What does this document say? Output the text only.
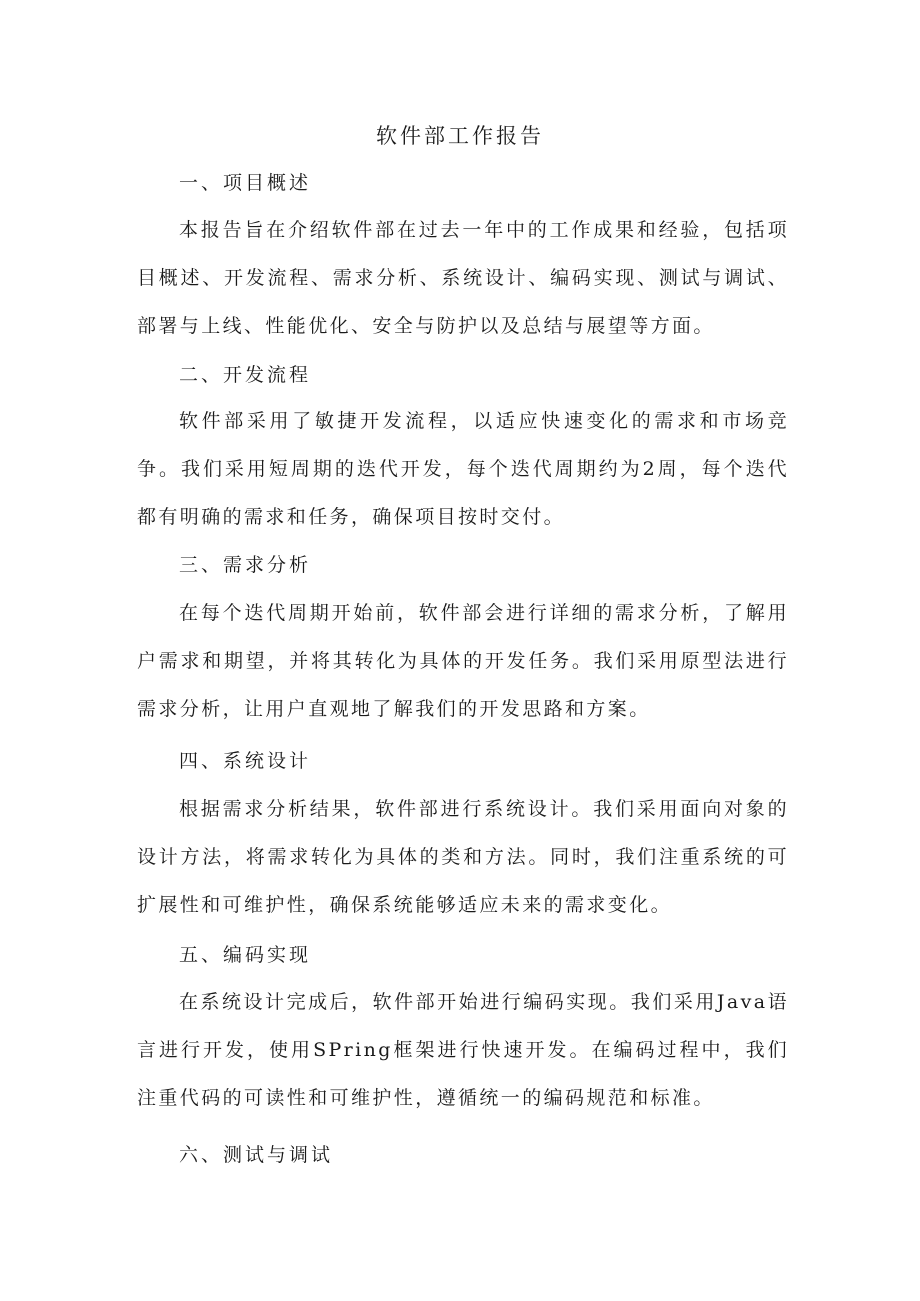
软件部工作报告
一、项目概述

本报告旨在介绍软件部在过去一年中的工作成果和经验，包括项目概述、开发流程、需求分析、系统设计、编码实现、测试与调试、部署与上线、性能优化、安全与防护以及总结与展望等方面。

二、开发流程

软件部采用了敏捷开发流程，以适应快速变化的需求和市场竞争。我们采用短周期的迭代开发，每个迭代周期约为2周，每个迭代都有明确的需求和任务，确保项目按时交付。

三、需求分析

在每个迭代周期开始前，软件部会进行详细的需求分析，了解用户需求和期望，并将其转化为具体的开发任务。我们采用原型法进行需求分析，让用户直观地了解我们的开发思路和方案。

四、系统设计

根据需求分析结果，软件部进行系统设计。我们采用面向对象的设计方法，将需求转化为具体的类和方法。同时，我们注重系统的可扩展性和可维护性，确保系统能够适应未来的需求变化。

五、编码实现

在系统设计完成后，软件部开始进行编码实现。我们采用Java语言进行开发，使用SPring框架进行快速开发。在编码过程中，我们注重代码的可读性和可维护性，遵循统一的编码规范和标准。

六、测试与调试
